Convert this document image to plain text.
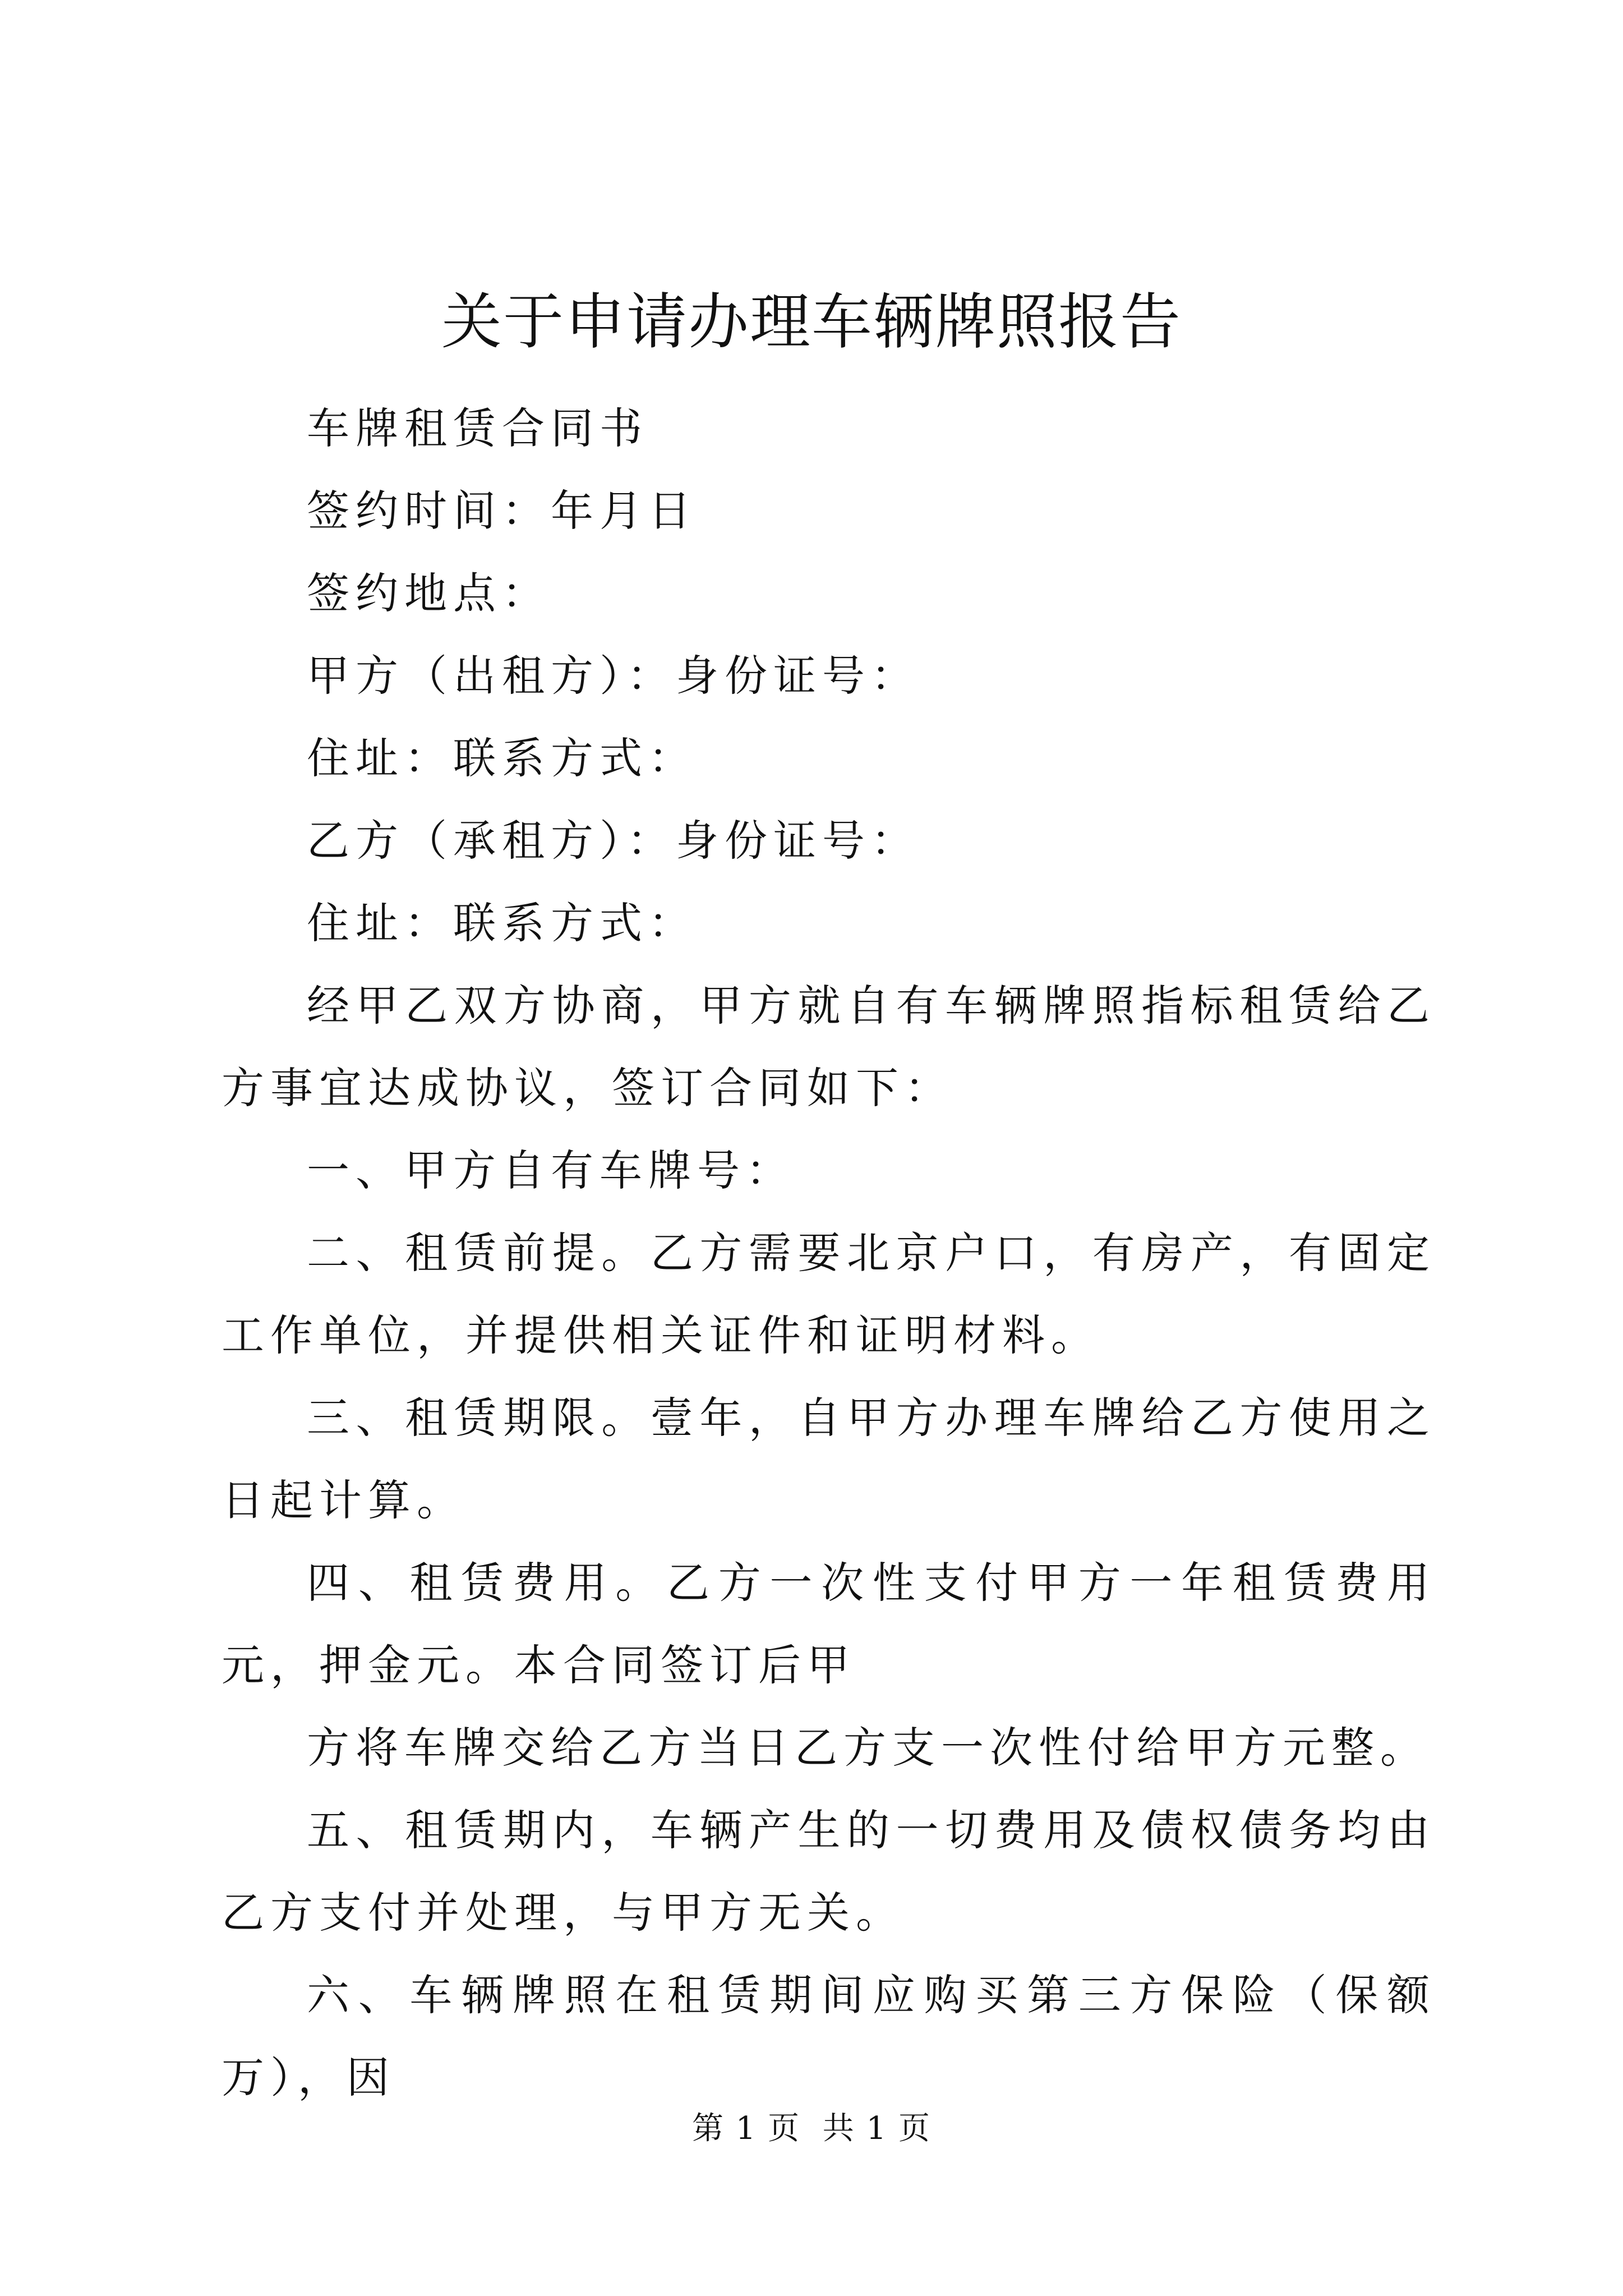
关于申请办理车辆牌照报告

车牌租赁合同书

签约时间：年月日

签约地点：

甲方（出租方）：身份证号：

住址：联系方式：

乙方（承租方）：身份证号：

住址：联系方式：

经甲乙双方协商，甲方就自有车辆牌照指标租赁给乙方事宜达成协议，签订合同如下：

一、甲方自有车牌号：

二、租赁前提。乙方需要北京户口，有房产，有固定工作单位，并提供相关证件和证明材料。

三、租赁期限。壹年，自甲方办理车牌给乙方使用之日起计算。

四、租赁费用。乙方一次性支付甲方一年租赁费用元，押金元。本合同签订后甲

方将车牌交给乙方当日乙方支一次性付给甲方元整。

五、租赁期内，车辆产生的一切费用及债权债务均由乙方支付并处理，与甲方无关。

六、车辆牌照在租赁期间应购买第三方保险（保额万），因

第 1 页 共 1 页
